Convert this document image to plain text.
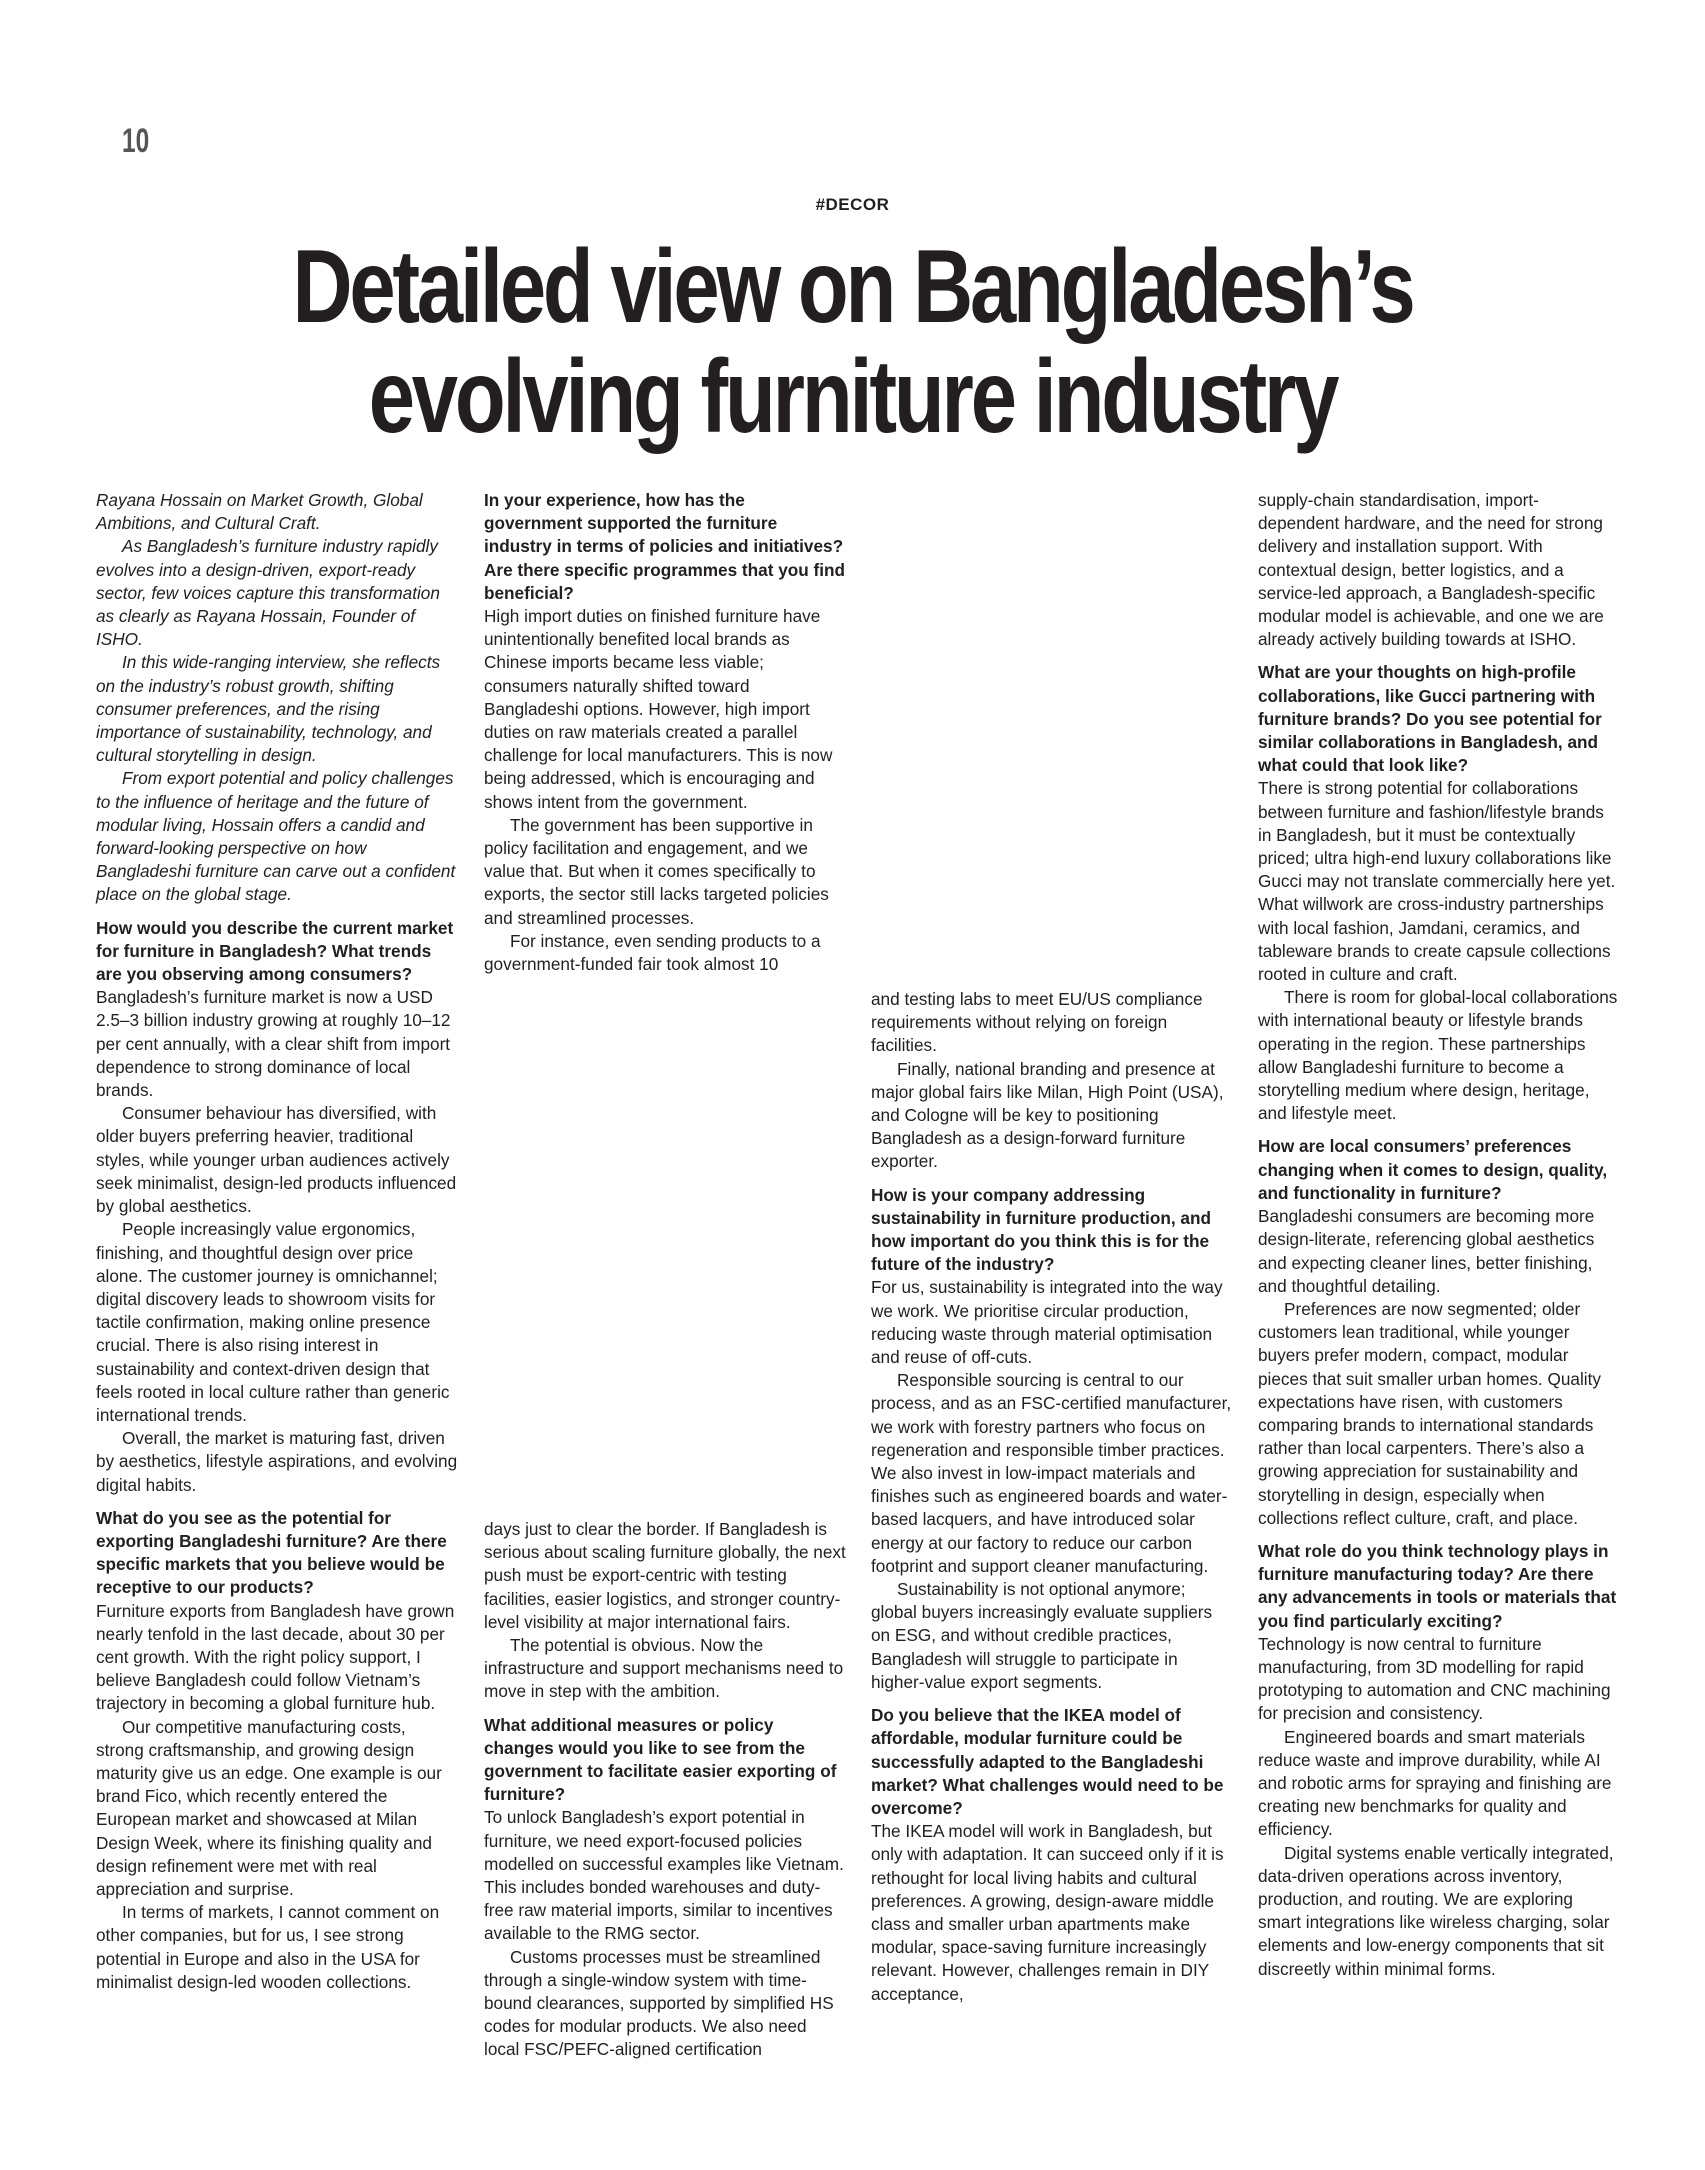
10
#DECOR
Detailed view on Bangladesh’s
evolving furniture industry

Rayana Hossain on Market Growth, Global Ambitions, and Cultural Craft.

As Bangladesh’s furniture industry rapidly evolves into a design-driven, export-ready sector, few voices capture this transformation as clearly as Rayana Hossain, Founder of ISHO.

In this wide-ranging interview, she reflects on the industry’s robust growth, shifting consumer preferences, and the rising importance of sustainability, technology, and cultural storytelling in design.

From export potential and policy challenges to the influence of heritage and the future of modular living, Hossain offers a candid and forward-looking perspective on how Bangladeshi furniture can carve out a confident place on the global stage.

How would you describe the current market for furniture in Bangladesh? What trends are you observing among consumers?

Bangladesh’s furniture market is now a USD 2.5–3 billion industry growing at roughly 10–12 per cent annually, with a clear shift from import dependence to strong dominance of local brands.

Consumer behaviour has diversified, with older buyers preferring heavier, traditional styles, while younger urban audiences actively seek minimalist, design-led products influenced by global aesthetics.

People increasingly value ergonomics, finishing, and thoughtful design over price alone. The customer journey is omnichannel; digital discovery leads to showroom visits for tactile confirmation, making online presence crucial. There is also rising interest in sustainability and context-driven design that feels rooted in local culture rather than generic international trends.

Overall, the market is maturing fast, driven by aesthetics, lifestyle aspirations, and evolving digital habits.

What do you see as the potential for exporting Bangladeshi furniture? Are there specific markets that you believe would be receptive to our products?

Furniture exports from Bangladesh have grown nearly tenfold in the last decade, about 30 per cent growth. With the right policy support, I believe Bangladesh could follow Vietnam’s trajectory in becoming a global furniture hub.

Our competitive manufacturing costs, strong craftsmanship, and growing design maturity give us an edge. One example is our brand Fico, which recently entered the European market and showcased at Milan Design Week, where its finishing quality and design refinement were met with real appreciation and surprise.

In terms of markets, I cannot comment on other companies, but for us, I see strong potential in Europe and also in the USA for minimalist design-led wooden collections.

In your experience, how has the government supported the furniture industry in terms of policies and initiatives? Are there specific programmes that you find beneficial?

High import duties on finished furniture have unintentionally benefited local brands as Chinese imports became less viable; consumers naturally shifted toward Bangladeshi options. However, high import duties on raw materials created a parallel challenge for local manufacturers. This is now being addressed, which is encouraging and shows intent from the government.

The government has been supportive in policy facilitation and engagement, and we value that. But when it comes specifically to exports, the sector still lacks targeted policies and streamlined processes.

For instance, even sending products to a government-funded fair took almost 10

days just to clear the border. If Bangladesh is serious about scaling furniture globally, the next push must be export-centric with testing facilities, easier logistics, and stronger country-level visibility at major international fairs.

The potential is obvious. Now the infrastructure and support mechanisms need to move in step with the ambition.

What additional measures or policy changes would you like to see from the government to facilitate easier exporting of furniture?

To unlock Bangladesh’s export potential in furniture, we need export-focused policies modelled on successful examples like Vietnam. This includes bonded warehouses and duty-free raw material imports, similar to incentives available to the RMG sector.

Customs processes must be streamlined through a single-window system with time-bound clearances, supported by simplified HS codes for modular products. We also need local FSC/PEFC-aligned certification

and testing labs to meet EU/US compliance requirements without relying on foreign facilities.

Finally, national branding and presence at major global fairs like Milan, High Point (USA), and Cologne will be key to positioning Bangladesh as a design-forward furniture exporter.

How is your company addressing sustainability in furniture production, and how important do you think this is for the future of the industry?

For us, sustainability is integrated into the way we work. We prioritise circular production, reducing waste through material optimisation and reuse of off-cuts.

Responsible sourcing is central to our process, and as an FSC-certified manufacturer, we work with forestry partners who focus on regeneration and responsible timber practices. We also invest in low-impact materials and finishes such as engineered boards and water-based lacquers, and have introduced solar energy at our factory to reduce our carbon footprint and support cleaner manufacturing.

Sustainability is not optional anymore; global buyers increasingly evaluate suppliers on ESG, and without credible practices, Bangladesh will struggle to participate in higher-value export segments.

Do you believe that the IKEA model of affordable, modular furniture could be successfully adapted to the Bangladeshi market? What challenges would need to be overcome?

The IKEA model will work in Bangladesh, but only with adaptation. It can succeed only if it is rethought for local living habits and cultural preferences. A growing, design-aware middle class and smaller urban apartments make modular, space-saving furniture increasingly relevant. However, challenges remain in DIY acceptance,

supply-chain standardisation, import-dependent hardware, and the need for strong delivery and installation support. With contextual design, better logistics, and a service-led approach, a Bangladesh-specific modular model is achievable, and one we are already actively building towards at ISHO.

What are your thoughts on high-profile collaborations, like Gucci partnering with furniture brands? Do you see potential for similar collaborations in Bangladesh, and what could that look like?

There is strong potential for collaborations between furniture and fashion/lifestyle brands in Bangladesh, but it must be contextually priced; ultra high-end luxury collaborations like Gucci may not translate commercially here yet. What willwork are cross-industry partnerships with local fashion, Jamdani, ceramics, and tableware brands to create capsule collections rooted in culture and craft.

There is room for global-local collaborations with international beauty or lifestyle brands operating in the region. These partnerships allow Bangladeshi furniture to become a storytelling medium where design, heritage, and lifestyle meet.

How are local consumers’ preferences changing when it comes to design, quality, and functionality in furniture?

Bangladeshi consumers are becoming more design-literate, referencing global aesthetics and expecting cleaner lines, better finishing, and thoughtful detailing.

Preferences are now segmented; older customers lean traditional, while younger buyers prefer modern, compact, modular pieces that suit smaller urban homes. Quality expectations have risen, with customers comparing brands to international standards rather than local carpenters. There’s also a growing appreciation for sustainability and storytelling in design, especially when collections reflect culture, craft, and place.

What role do you think technology plays in furniture manufacturing today? Are there any advancements in tools or materials that you find particularly exciting?

Technology is now central to furniture manufacturing, from 3D modelling for rapid prototyping to automation and CNC machining for precision and consistency.

Engineered boards and smart materials reduce waste and improve durability, while AI and robotic arms for spraying and finishing are creating new benchmarks for quality and efficiency.

Digital systems enable vertically integrated, data-driven operations across inventory, production, and routing. We are exploring smart integrations like wireless charging, solar elements and low-energy components that sit discreetly within minimal forms.
